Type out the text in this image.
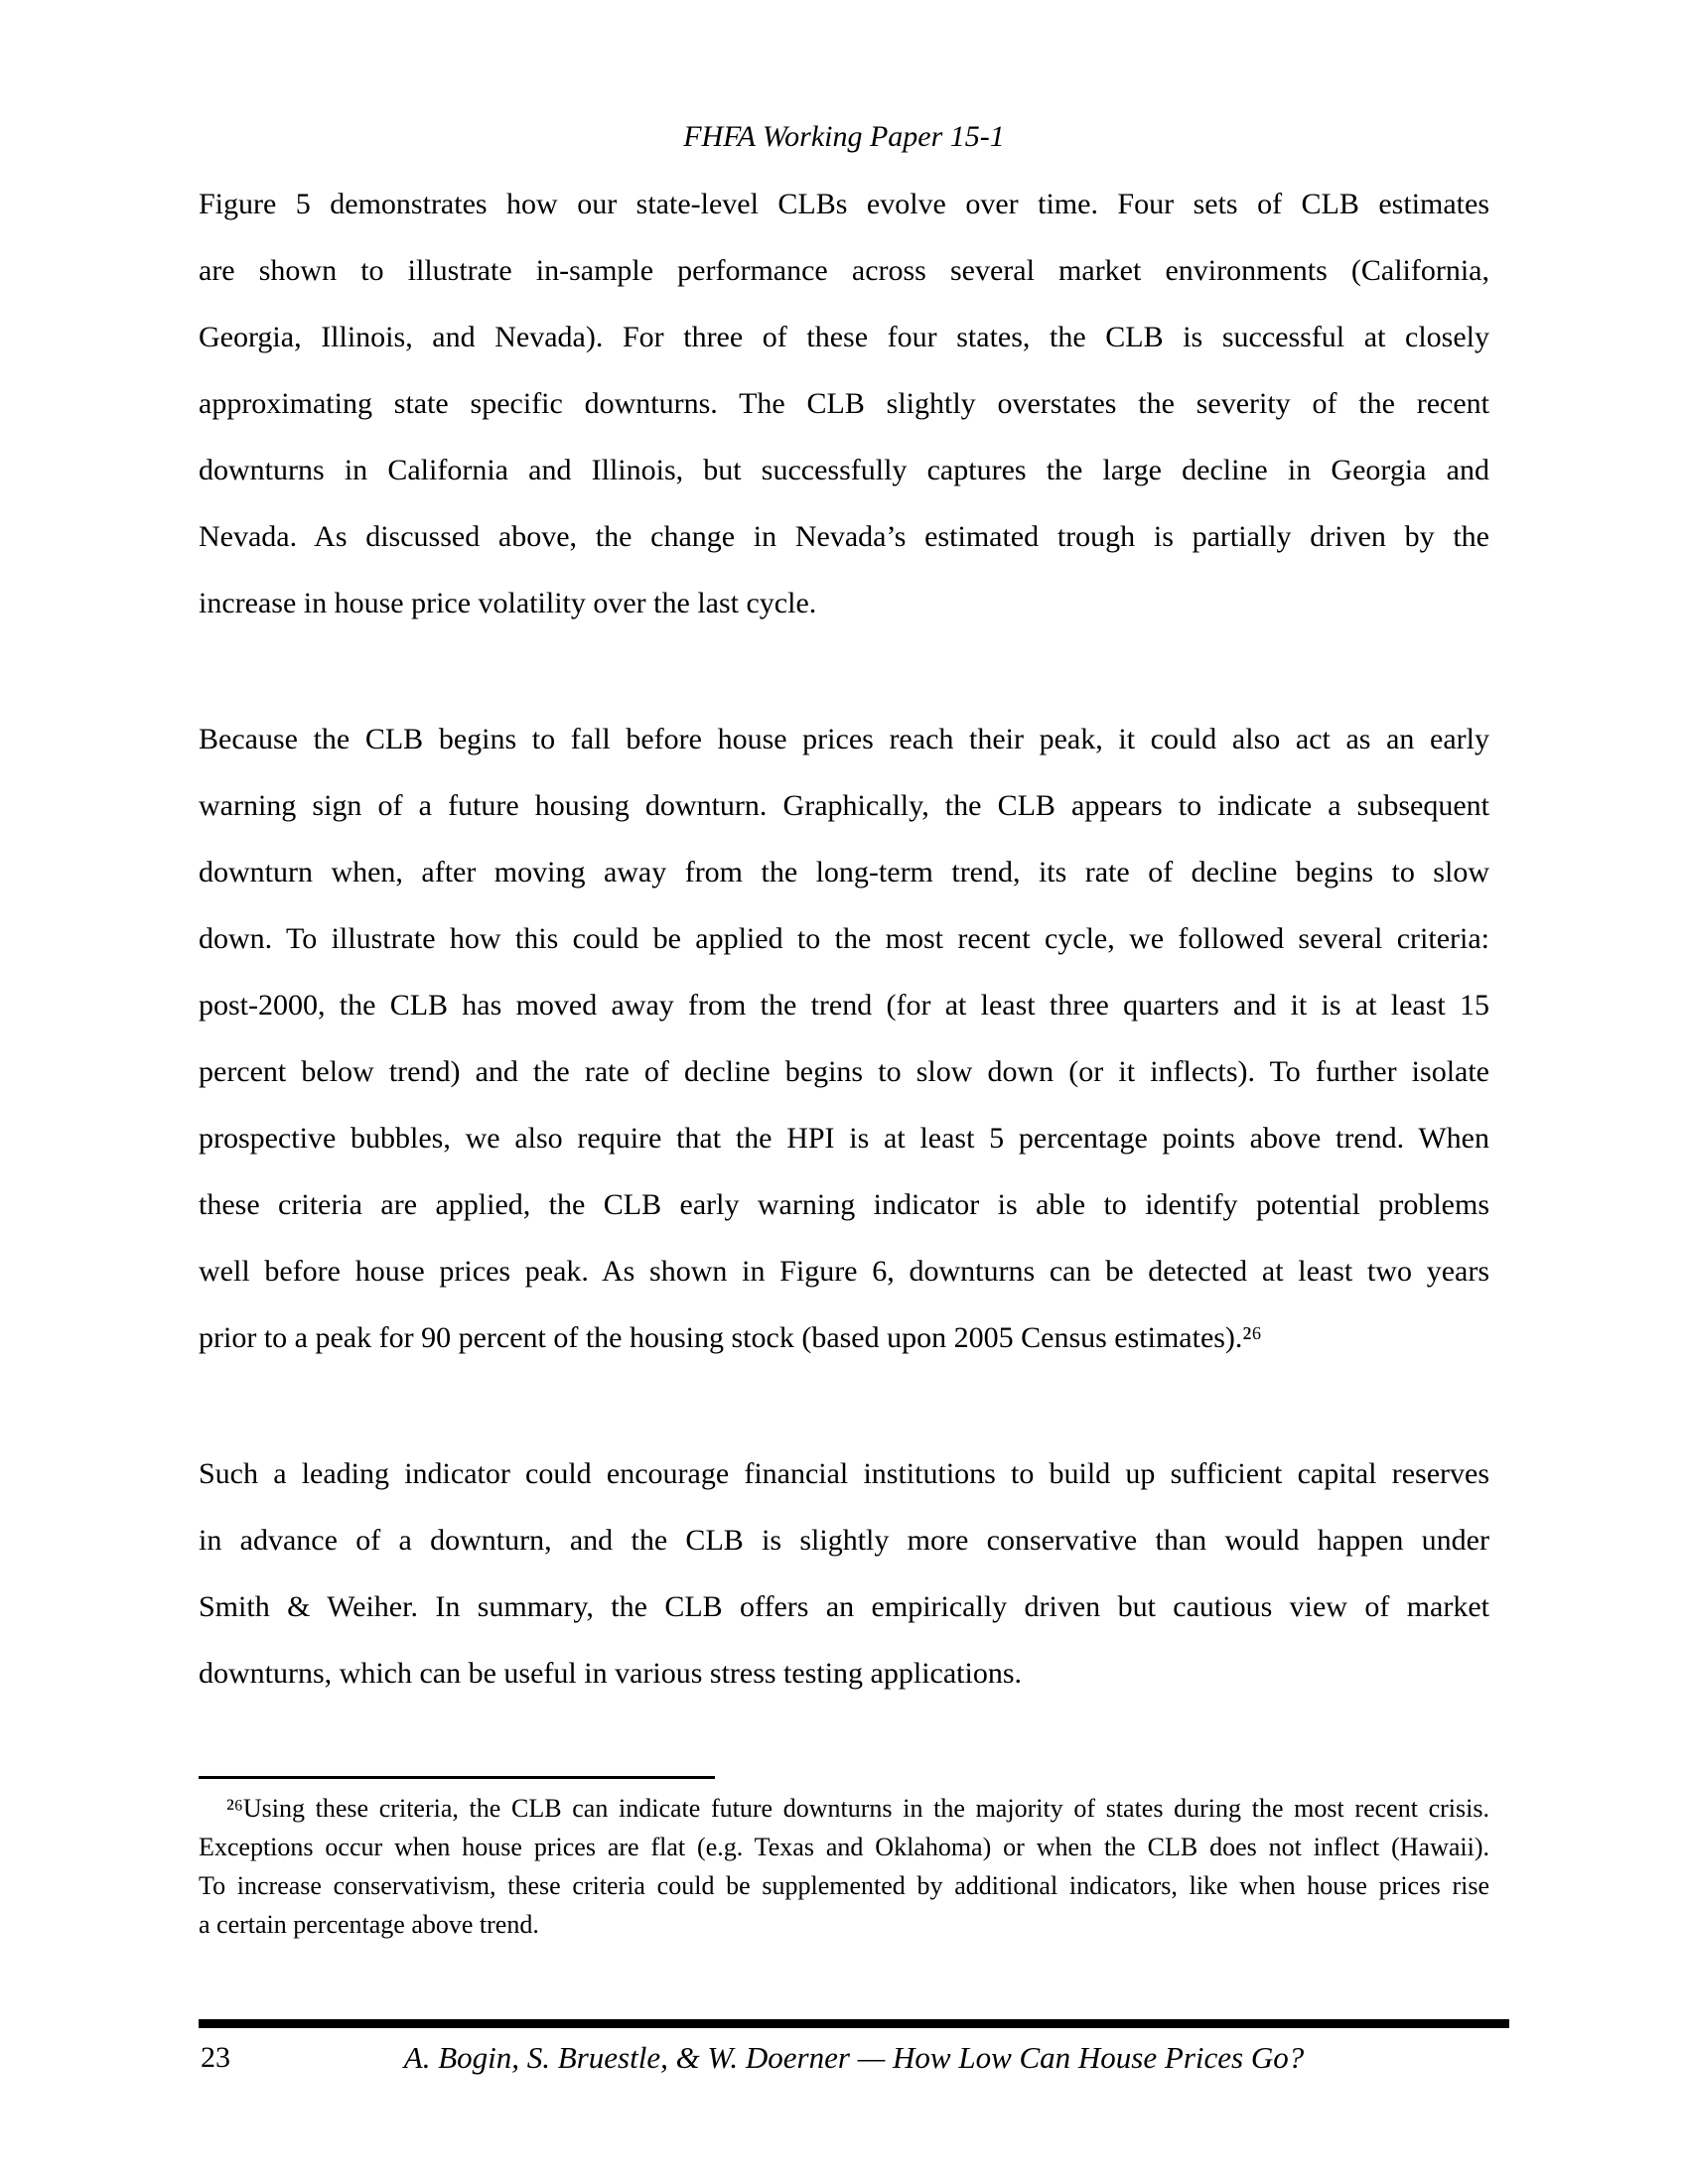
FHFA Working Paper 15-1
Figure 5 demonstrates how our state-level CLBs evolve over time. Four sets of CLB estimates
are shown to illustrate in-sample performance across several market environments (California,
Georgia, Illinois, and Nevada). For three of these four states, the CLB is successful at closely
approximating state specific downturns. The CLB slightly overstates the severity of the recent
downturns in California and Illinois, but successfully captures the large decline in Georgia and
Nevada. As discussed above, the change in Nevada’s estimated trough is partially driven by the
increase in house price volatility over the last cycle.
Because the CLB begins to fall before house prices reach their peak, it could also act as an early
warning sign of a future housing downturn. Graphically, the CLB appears to indicate a subsequent
downturn when, after moving away from the long-term trend, its rate of decline begins to slow
down. To illustrate how this could be applied to the most recent cycle, we followed several criteria:
post-2000, the CLB has moved away from the trend (for at least three quarters and it is at least 15
percent below trend) and the rate of decline begins to slow down (or it inflects). To further isolate
prospective bubbles, we also require that the HPI is at least 5 percentage points above trend. When
these criteria are applied, the CLB early warning indicator is able to identify potential problems
well before house prices peak. As shown in Figure 6, downturns can be detected at least two years
prior to a peak for 90 percent of the housing stock (based upon 2005 Census estimates).²⁶
Such a leading indicator could encourage financial institutions to build up sufficient capital reserves
in advance of a downturn, and the CLB is slightly more conservative than would happen under
Smith & Weiher. In summary, the CLB offers an empirically driven but cautious view of market
downturns, which can be useful in various stress testing applications.
²⁶Using these criteria, the CLB can indicate future downturns in the majority of states during the most recent crisis.
Exceptions occur when house prices are flat (e.g. Texas and Oklahoma) or when the CLB does not inflect (Hawaii).
To increase conservativism, these criteria could be supplemented by additional indicators, like when house prices rise
a certain percentage above trend.
23	A. Bogin, S. Bruestle, & W. Doerner — How Low Can House Prices Go?
